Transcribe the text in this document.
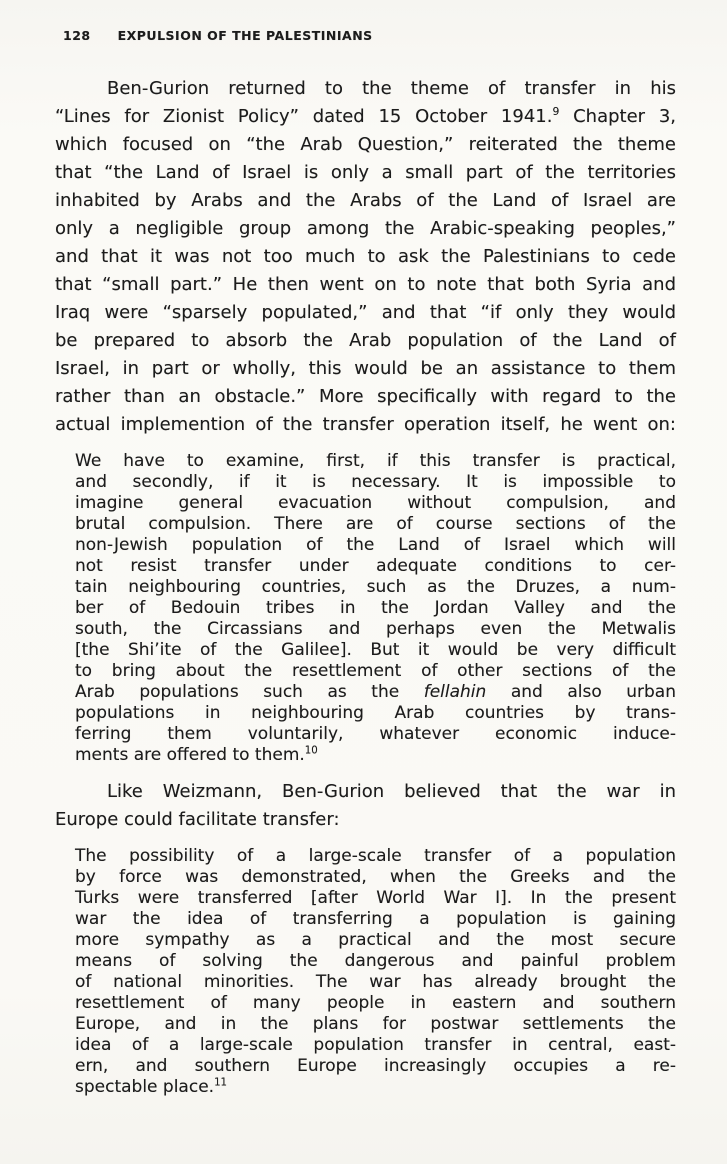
128 EXPULSION OF THE PALESTINIANS
Ben-Gurion returned to the theme of transfer in his
“Lines for Zionist Policy” dated 15 October 1941.$^9$ Chapter 3,
which focused on “the Arab Question,” reiterated the theme
that “the Land of Israel is only a small part of the territories
inhabited by Arabs and the Arabs of the Land of Israel are
only a negligible group among the Arabic-speaking peoples,”
and that it was not too much to ask the Palestinians to cede
that “small part.” He then went on to note that both Syria and
Iraq were “sparsely populated,” and that “if only they would
be prepared to absorb the Arab population of the Land of
Israel, in part or wholly, this would be an assistance to them
rather than an obstacle.” More specifically with regard to the
actual implemention of the transfer operation itself, he went on:
We have to examine, first, if this transfer is practical,
and secondly, if it is necessary. It is impossible to
imagine general evacuation without compulsion, and
brutal compulsion. There are of course sections of the
non-Jewish population of the Land of Israel which will
not resist transfer under adequate conditions to cer-
tain neighbouring countries, such as the Druzes, a num-
ber of Bedouin tribes in the Jordan Valley and the
south, the Circassians and perhaps even the Metwalis
[the Shi’ite of the Galilee]. But it would be very difficult
to bring about the resettlement of other sections of the
Arab populations such as the fellahin and also urban
populations in neighbouring Arab countries by trans-
ferring them voluntarily, whatever economic induce-
ments are offered to them.$^{10}$
Like Weizmann, Ben-Gurion believed that the war in
Europe could facilitate transfer:
The possibility of a large-scale transfer of a population
by force was demonstrated, when the Greeks and the
Turks were transferred [after World War I]. In the present
war the idea of transferring a population is gaining
more sympathy as a practical and the most secure
means of solving the dangerous and painful problem
of national minorities. The war has already brought the
resettlement of many people in eastern and southern
Europe, and in the plans for postwar settlements the
idea of a large-scale population transfer in central, east-
ern, and southern Europe increasingly occupies a re-
spectable place.$^{11}$
